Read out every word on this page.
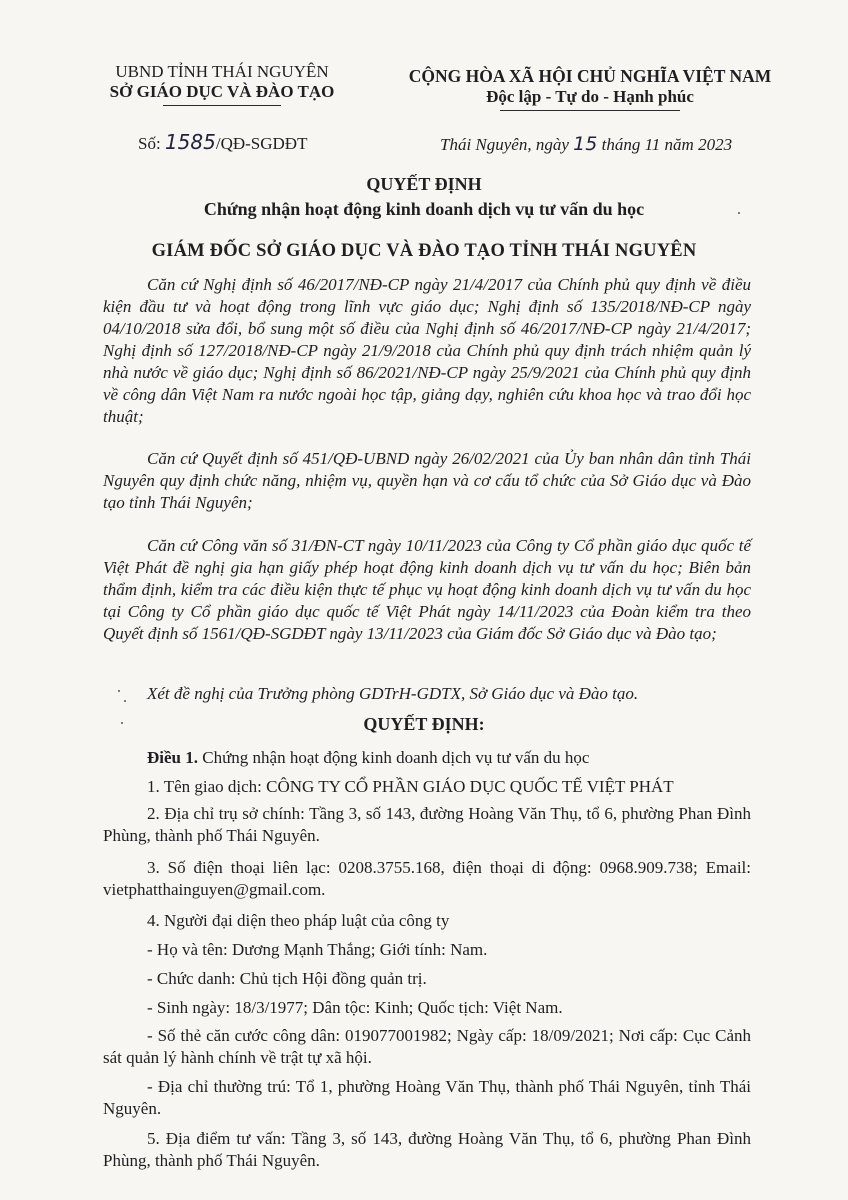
UBND TỈNH THÁI NGUYÊN
SỞ GIÁO DỤC VÀ ĐÀO TẠO
CỘNG HÒA XÃ HỘI CHỦ NGHĨA VIỆT NAM
Độc lập - Tự do - Hạnh phúc
Số: 1585/QĐ-SGDĐT	Thái Nguyên, ngày 15 tháng 11 năm 2023
QUYẾT ĐỊNH
Chứng nhận hoạt động kinh doanh dịch vụ tư vấn du học
GIÁM ĐỐC SỞ GIÁO DỤC VÀ ĐÀO TẠO TỈNH THÁI NGUYÊN
Căn cứ Nghị định số 46/2017/NĐ-CP ngày 21/4/2017 của Chính phủ quy định về điều kiện đầu tư và hoạt động trong lĩnh vực giáo dục; Nghị định số 135/2018/NĐ-CP ngày 04/10/2018 sửa đổi, bổ sung một số điều của Nghị định số 46/2017/NĐ-CP ngày 21/4/2017; Nghị định số 127/2018/NĐ-CP ngày 21/9/2018 của Chính phủ quy định trách nhiệm quản lý nhà nước về giáo dục; Nghị định số 86/2021/NĐ-CP ngày 25/9/2021 của Chính phủ quy định về công dân Việt Nam ra nước ngoài học tập, giảng dạy, nghiên cứu khoa học và trao đổi học thuật;
Căn cứ Quyết định số 451/QĐ-UBND ngày 26/02/2021 của Ủy ban nhân dân tỉnh Thái Nguyên quy định chức năng, nhiệm vụ, quyền hạn và cơ cấu tổ chức của Sở Giáo dục và Đào tạo tỉnh Thái Nguyên;
Căn cứ Công văn số 31/ĐN-CT ngày 10/11/2023 của Công ty Cổ phần giáo dục quốc tế Việt Phát đề nghị gia hạn giấy phép hoạt động kinh doanh dịch vụ tư vấn du học; Biên bản thẩm định, kiểm tra các điều kiện thực tế phục vụ hoạt động kinh doanh dịch vụ tư vấn du học tại Công ty Cổ phần giáo dục quốc tế Việt Phát ngày 14/11/2023 của Đoàn kiểm tra theo Quyết định số 1561/QĐ-SGDĐT ngày 13/11/2023 của Giám đốc Sở Giáo dục và Đào tạo;
Xét đề nghị của Trưởng phòng GDTrH-GDTX, Sở Giáo dục và Đào tạo.
QUYẾT ĐỊNH:
Điều 1. Chứng nhận hoạt động kinh doanh dịch vụ tư vấn du học
1. Tên giao dịch: CÔNG TY CỔ PHẦN GIÁO DỤC QUỐC TẾ VIỆT PHÁT
2. Địa chỉ trụ sở chính: Tầng 3, số 143, đường Hoàng Văn Thụ, tổ 6, phường Phan Đình Phùng, thành phố Thái Nguyên.
3. Số điện thoại liên lạc: 0208.3755.168, điện thoại di động: 0968.909.738; Email: vietphatthainguyen@gmail.com.
4. Người đại diện theo pháp luật của công ty
- Họ và tên: Dương Mạnh Thắng; Giới tính: Nam.
- Chức danh: Chủ tịch Hội đồng quản trị.
- Sinh ngày: 18/3/1977; Dân tộc: Kinh; Quốc tịch: Việt Nam.
- Số thẻ căn cước công dân: 019077001982; Ngày cấp: 18/09/2021; Nơi cấp: Cục Cảnh sát quản lý hành chính về trật tự xã hội.
- Địa chỉ thường trú: Tổ 1, phường Hoàng Văn Thụ, thành phố Thái Nguyên, tỉnh Thái Nguyên.
5. Địa điểm tư vấn: Tầng 3, số 143, đường Hoàng Văn Thụ, tổ 6, phường Phan Đình Phùng, thành phố Thái Nguyên.
